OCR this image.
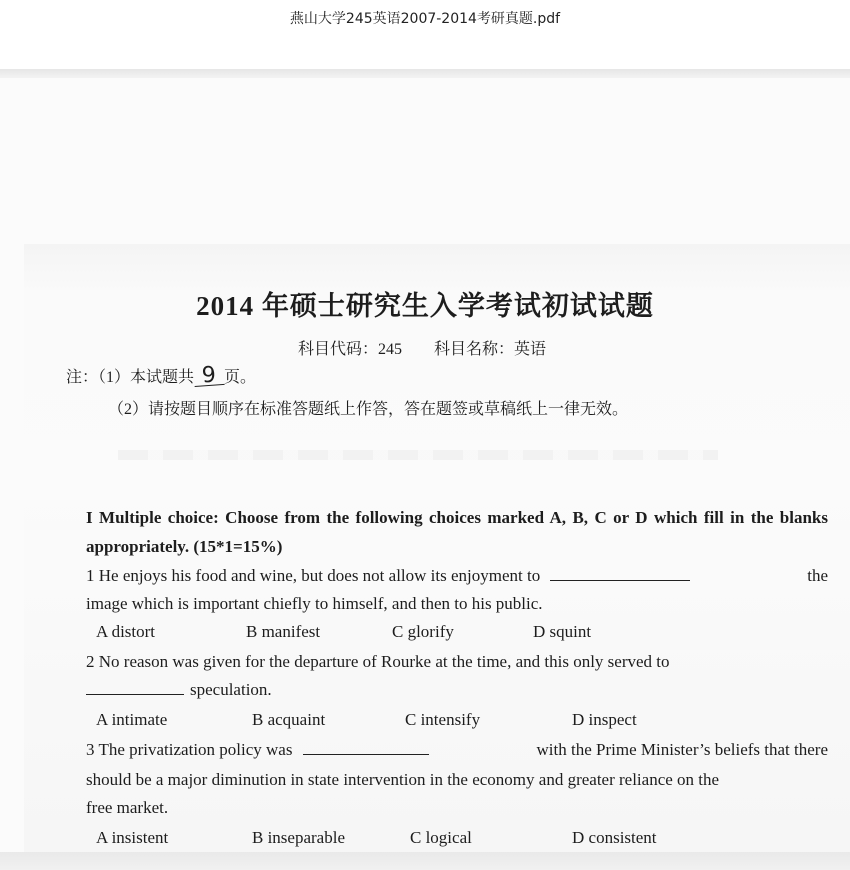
燕山大学245英语2007-2014考研真题.pdf
2014 年硕士研究生入学考试初试试题
科目代码：245 科目名称：英语
注：（1）本试题共 9 页。
（2）请按题目顺序在标准答题纸上作答，答在题签或草稿纸上一律无效。
I Multiple choice: Choose from the following choices marked A, B, C or D which fill in the blanks appropriately. (15*1=15%)
1 He enjoys his food and wine, but does not allow its enjoyment to	the
image which is important chiefly to himself, and then to his public.
A distort	B manifest	C glorify	D squint
2 No reason was given for the departure of Rourke at the time, and this only served to
speculation.
A intimate	B acquaint	C intensify	D inspect
3 The privatization policy was	with the Prime Minister’s beliefs that there
should be a major diminution in state intervention in the economy and greater reliance on the
free market.
A insistent	B inseparable	C logical	D consistent
